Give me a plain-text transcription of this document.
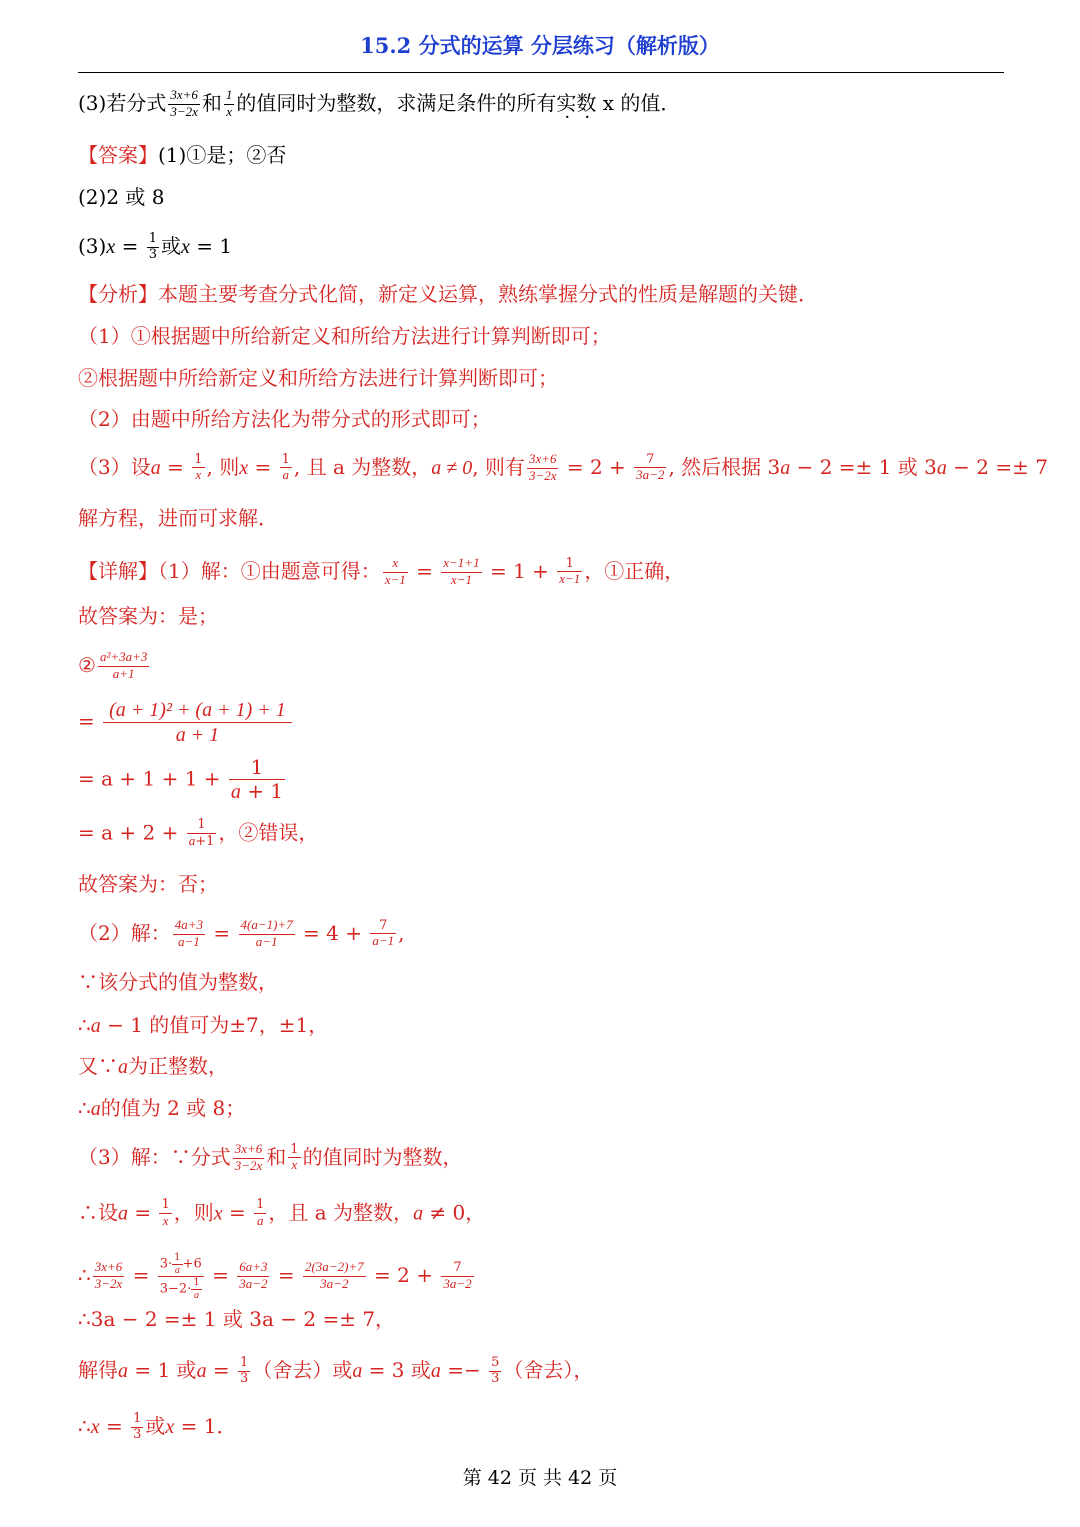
15.2 分式的运算 分层练习（解析版）
(3)若分式 $\frac{3x+6}{3-2x}$ 和 $\frac{1}{x}$ 的值同时为整数，求满足条件的所有实数 x 的值．
【答案】(1)①是；②否
(2)2 或 8
$(3)x = \frac{1}{3}$ 或x = 1
【分析】本题主要考查分式化简，新定义运算，熟练掌握分式的性质是解题的关键．
（1）①根据题中所给新定义和所给方法进行计算判断即可；
②根据题中所给新定义和所给方法进行计算判断即可；
（2）由题中所给方法化为带分式的形式即可；
（3）设$a = \frac{1}{x}$ , 则$x = \frac{1}{a}$ , 且 a 为整数，a ≠ 0, 则有 $\frac{3x+6}{3-2x} = 2 + \frac{7}{3a-2}$ , 然后根据 3a − 2 =± 1 或 3a − 2 =± 7
解方程，进而可求解．
【详解】（1）解：①由题意可得： $\frac{x}{x-1} = \frac{x-1+1}{x-1} = 1 + \frac{1}{x-1}$ ，①正确，
故答案为：是；
② $\frac{\text{a²+3a+3}}{a+1}$
= $\frac{\text{(a + 1)² + (a + 1) + 1}}{a + 1}$
= $a + 1 + 1 + \frac{1}{a + 1}$
= $a + 2 + \frac{1}{a+1}$ ，②错误，
故答案为：否；
（2）解： $\frac{4a+3}{a-1} = \frac{4(a-1)+7}{a-1} = 4 + \frac{7}{a-1}$ ,
∵该分式的值为整数，
∴a − 1 的值可为±7，±1，
又∵a为正整数，
∴a的值为 2 或 8；
（3）解：∵分式 $\frac{3x+6}{3-2x}$ 和 $\frac{1}{x}$ 的值同时为整数，
∴设$a = \frac{1}{x}$ ，则$x = \frac{1}{a}$ ，且 a 为整数，a ≠ 0，
∴ $\frac{3x+6}{3-2x} = \frac{3\cdot \frac{1}{a} +6}{3-2\cdot \frac{1}{a}} = \frac{6a+3}{3a-2} = \frac{2(3a-2)+7}{3a-2} = 2 + \frac{7}{3a-2}$
∴3a − 2 =± 1 或 3a − 2 =± 7，
解得a = 1 或$a = \frac{1}{3}$ （舍去）或a = 3 或$a =- \frac{5}{3}$ （舍去），
∴x = $\frac{1}{3}$ 或x = 1．
第 42 页 共 42 页
